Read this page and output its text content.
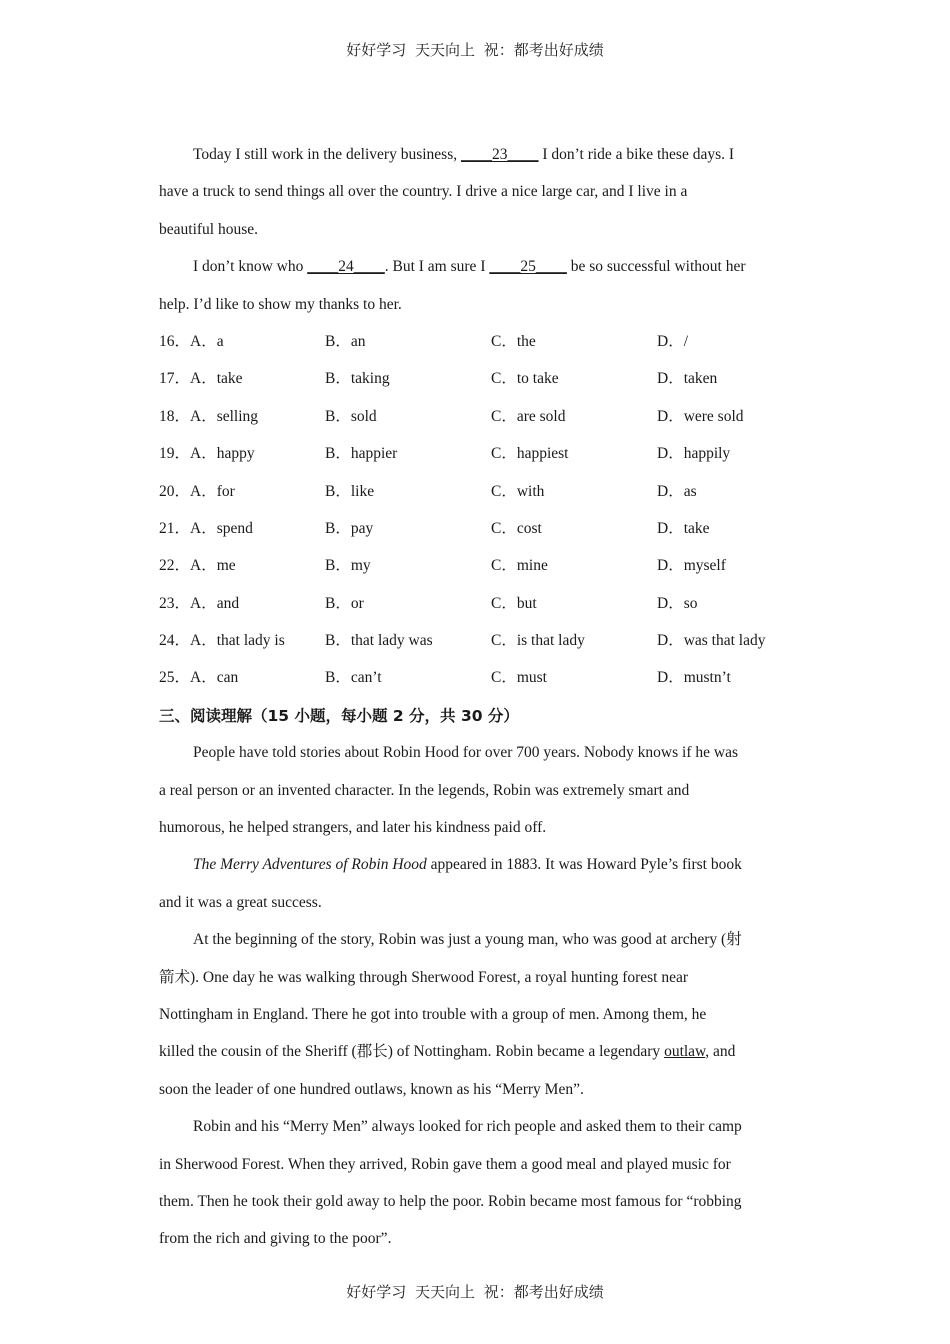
好好学习 天天向上 祝：都考出好成绩
Today I still work in the delivery business, ____23____ I don’t ride a bike these days. I
have a truck to send things all over the country. I drive a nice large car, and I live in a
beautiful house.
I don’t know who ____24____. But I am sure I ____25____ be so successful without her
help. I’d like to show my thanks to her.
16．A．a	B．an	C．the	D．/
17．A．take	B．taking	C．to take	D．taken
18．A．selling	B．sold	C．are sold	D．were sold
19．A．happy	B．happier	C．happiest	D．happily
20．A．for	B．like	C．with	D．as
21．A．spend	B．pay	C．cost	D．take
22．A．me	B．my	C．mine	D．myself
23．A．and	B．or	C．but	D．so
24．A．that lady is	B．that lady was	C．is that lady	D．was that lady
25．A．can	B．can’t	C．must	D．mustn’t
三、阅读理解（15 小题，每小题 2 分，共 30 分）
People have told stories about Robin Hood for over 700 years. Nobody knows if he was
a real person or an invented character. In the legends, Robin was extremely smart and
humorous, he helped strangers, and later his kindness paid off.
The Merry Adventures of Robin Hood appeared in 1883. It was Howard Pyle’s first book
and it was a great success.
At the beginning of the story, Robin was just a young man, who was good at archery (射
箭术). One day he was walking through Sherwood Forest, a royal hunting forest near
Nottingham in England. There he got into trouble with a group of men. Among them, he
killed the cousin of the Sheriff (郡长) of Nottingham. Robin became a legendary outlaw, and
soon the leader of one hundred outlaws, known as his “Merry Men”.
Robin and his “Merry Men” always looked for rich people and asked them to their camp
in Sherwood Forest. When they arrived, Robin gave them a good meal and played music for
them. Then he took their gold away to help the poor. Robin became most famous for “robbing
from the rich and giving to the poor”.
好好学习 天天向上 祝：都考出好成绩
